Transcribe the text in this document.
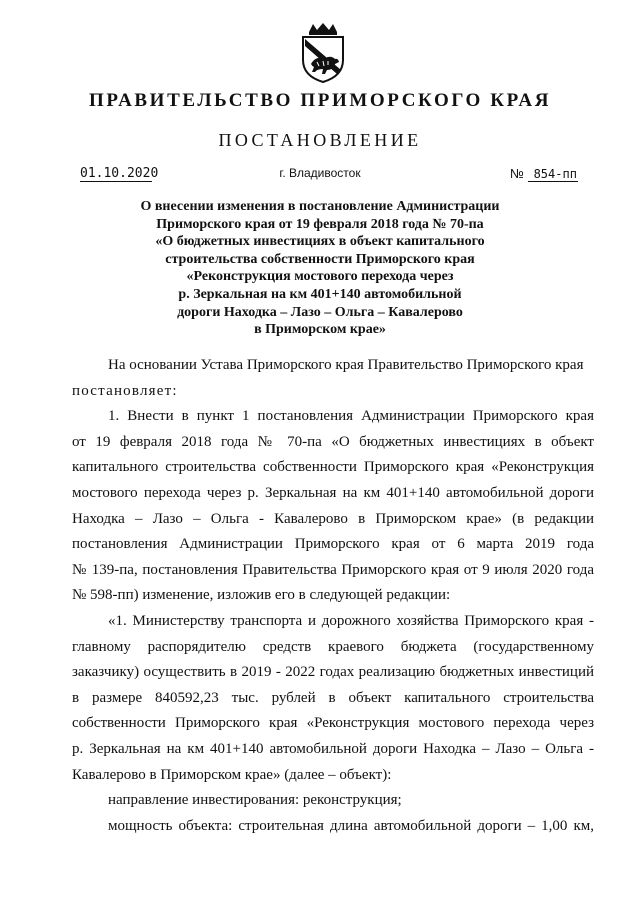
ПРАВИТЕЛЬСТВО ПРИМОРСКОГО КРАЯ
ПОСТАНОВЛЕНИЕ
01.10.2020	г. Владивосток	№ 854-пп
О внесении изменения в постановление Администрации
Приморского края от 19 февраля 2018 года № 70-па
«О бюджетных инвестициях в объект капитального
строительства собственности Приморского края
«Реконструкция мостового перехода через
р. Зеркальная на км 401+140 автомобильной
дороги Находка – Лазо – Ольга – Кавалерово
в Приморском крае»
На основании Устава Приморского края Правительство Приморского края
постановляет:
1. Внести в пункт 1 постановления Администрации Приморского края
от 19 февраля 2018 года № 70-па «О бюджетных инвестициях в объект
капитального строительства собственности Приморского края «Реконструкция
мостового перехода через р. Зеркальная на км 401+140 автомобильной дороги
Находка – Лазо – Ольга - Кавалерово в Приморском крае» (в редакции
постановления Администрации Приморского края от 6 марта 2019 года
№ 139-па, постановления Правительства Приморского края от 9 июля 2020 года
№ 598-пп) изменение, изложив его в следующей редакции:
«1. Министерству транспорта и дорожного хозяйства Приморского края -
главному распорядителю средств краевого бюджета (государственному
заказчику) осуществить в 2019 - 2022 годах реализацию бюджетных инвестиций
в размере 840592,23 тыс. рублей в объект капитального строительства
собственности Приморского края «Реконструкция мостового перехода через
р. Зеркальная на км 401+140 автомобильной дороги Находка – Лазо – Ольга -
Кавалерово в Приморском крае» (далее – объект):
направление инвестирования: реконструкция;
мощность объекта: строительная длина автомобильной дороги – 1,00 км,
